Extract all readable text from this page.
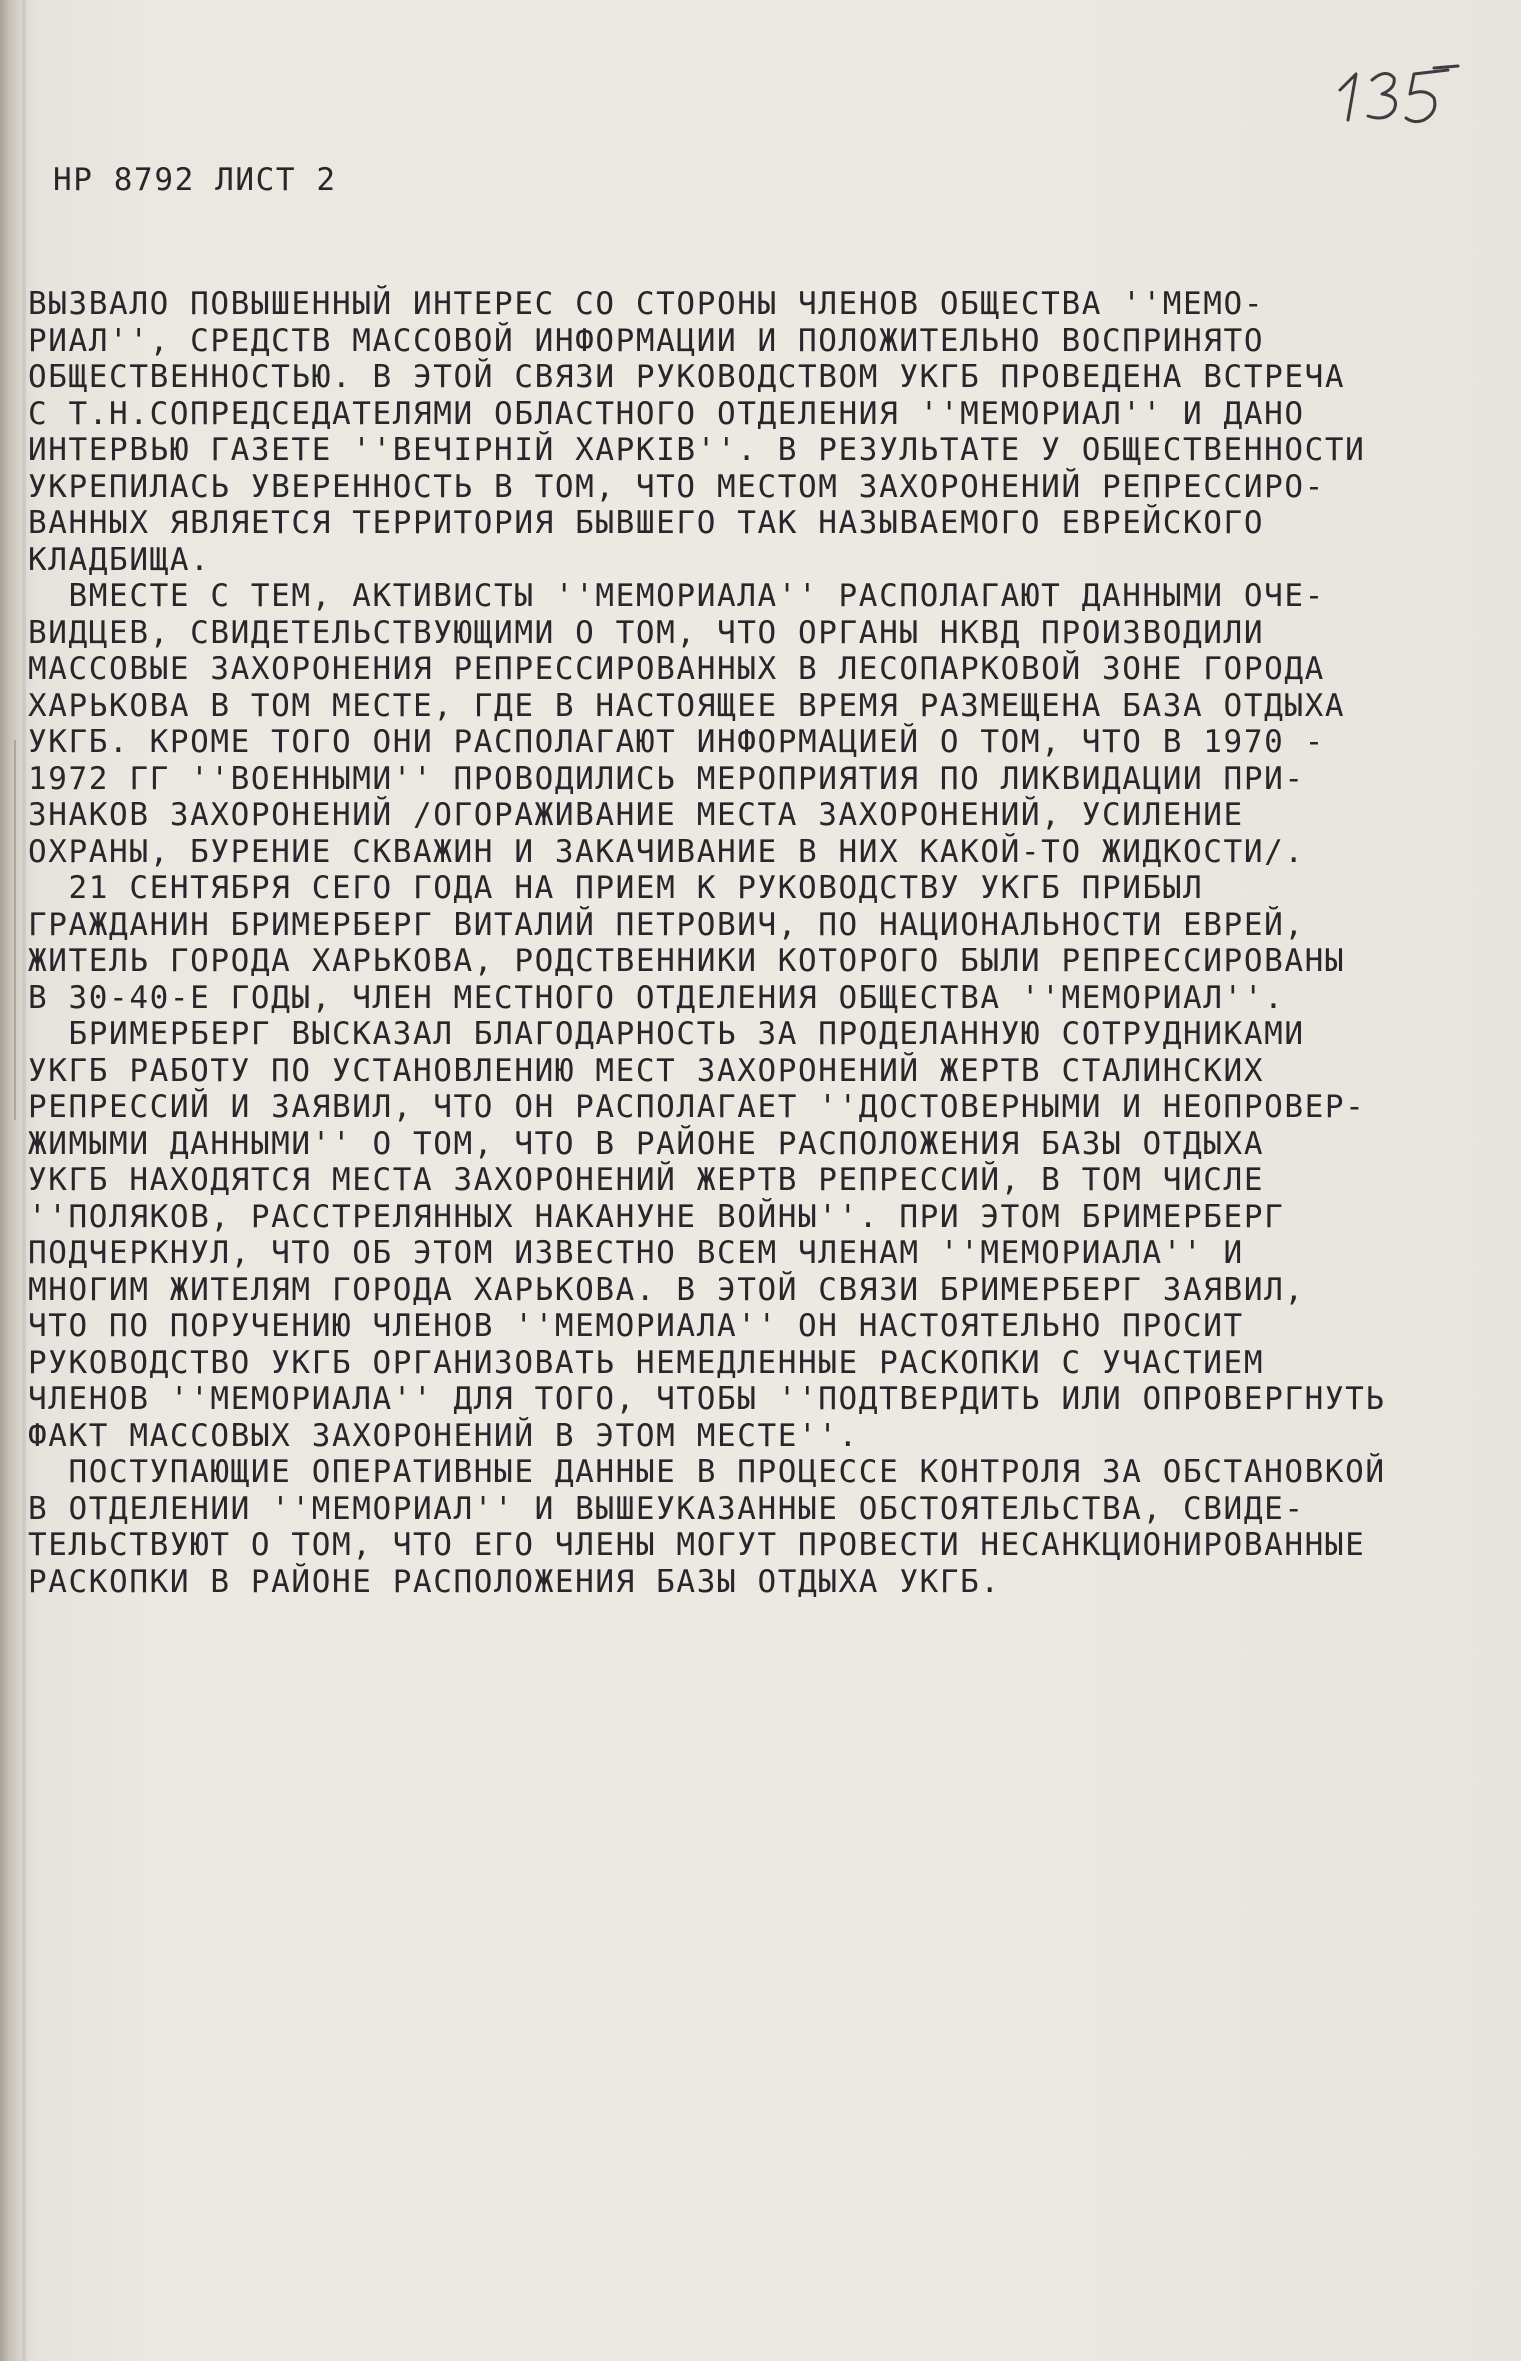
НР 8792 ЛИСТ 2

ВЫЗВАЛО ПОВЫШЕННЫЙ ИНТЕРЕС СО СТОРОНЫ ЧЛЕНОВ ОБЩЕСТВА ''МЕМО-
РИАЛ'', СРЕДСТВ МАССОВОЙ ИНФОРМАЦИИ И ПОЛОЖИТЕЛЬНО ВОСПРИНЯТО
ОБЩЕСТВЕННОСТЬЮ. В ЭТОЙ СВЯЗИ РУКОВОДСТВОМ УКГБ ПРОВЕДЕНА ВСТРЕЧА
С Т.Н.СОПРЕДСЕДАТЕЛЯМИ ОБЛАСТНОГО ОТДЕЛЕНИЯ ''МЕМОРИАЛ'' И ДАНО
ИНТЕРВЬЮ ГАЗЕТЕ ''ВЕЧІРНІЙ ХАРКІВ''. В РЕЗУЛЬТАТЕ У ОБЩЕСТВЕННОСТИ
УКРЕПИЛАСЬ УВЕРЕННОСТЬ В ТОМ, ЧТО МЕСТОМ ЗАХОРОНЕНИЙ РЕПРЕССИРО-
ВАННЫХ ЯВЛЯЕТСЯ ТЕРРИТОРИЯ БЫВШЕГО ТАК НАЗЫВАЕМОГО ЕВРЕЙСКОГО
КЛАДБИЩА.
ВМЕСТЕ С ТЕМ, АКТИВИСТЫ ''МЕМОРИАЛА'' РАСПОЛАГАЮТ ДАННЫМИ ОЧЕ-
ВИДЦЕВ, СВИДЕТЕЛЬСТВУЮЩИМИ О ТОМ, ЧТО ОРГАНЫ НКВД ПРОИЗВОДИЛИ
МАССОВЫЕ ЗАХОРОНЕНИЯ РЕПРЕССИРОВАННЫХ В ЛЕСОПАРКОВОЙ ЗОНЕ ГОРОДА
ХАРЬКОВА В ТОМ МЕСТЕ, ГДЕ В НАСТОЯЩЕЕ ВРЕМЯ РАЗМЕЩЕНА БАЗА ОТДЫХА
УКГБ. КРОМЕ ТОГО ОНИ РАСПОЛАГАЮТ ИНФОРМАЦИЕЙ О ТОМ, ЧТО В 1970 -
1972 ГГ ''ВОЕННЫМИ'' ПРОВОДИЛИСЬ МЕРОПРИЯТИЯ ПО ЛИКВИДАЦИИ ПРИ-
ЗНАКОВ ЗАХОРОНЕНИЙ /ОГОРАЖИВАНИЕ МЕСТА ЗАХОРОНЕНИЙ, УСИЛЕНИЕ
ОХРАНЫ, БУРЕНИЕ СКВАЖИН И ЗАКАЧИВАНИЕ В НИХ КАКОЙ-ТО ЖИДКОСТИ/.
21 СЕНТЯБРЯ СЕГО ГОДА НА ПРИЕМ К РУКОВОДСТВУ УКГБ ПРИБЫЛ
ГРАЖДАНИН БРИМЕРБЕРГ ВИТАЛИЙ ПЕТРОВИЧ, ПО НАЦИОНАЛЬНОСТИ ЕВРЕЙ,
ЖИТЕЛЬ ГОРОДА ХАРЬКОВА, РОДСТВЕННИКИ КОТОРОГО БЫЛИ РЕПРЕССИРОВАНЫ
В 30-40-Е ГОДЫ, ЧЛЕН МЕСТНОГО ОТДЕЛЕНИЯ ОБЩЕСТВА ''МЕМОРИАЛ''.
БРИМЕРБЕРГ ВЫСКАЗАЛ БЛАГОДАРНОСТЬ ЗА ПРОДЕЛАННУЮ СОТРУДНИКАМИ
УКГБ РАБОТУ ПО УСТАНОВЛЕНИЮ МЕСТ ЗАХОРОНЕНИЙ ЖЕРТВ СТАЛИНСКИХ
РЕПРЕССИЙ И ЗАЯВИЛ, ЧТО ОН РАСПОЛАГАЕТ ''ДОСТОВЕРНЫМИ И НЕОПРОВЕР-
ЖИМЫМИ ДАННЫМИ'' О ТОМ, ЧТО В РАЙОНЕ РАСПОЛОЖЕНИЯ БАЗЫ ОТДЫХА
УКГБ НАХОДЯТСЯ МЕСТА ЗАХОРОНЕНИЙ ЖЕРТВ РЕПРЕССИЙ, В ТОМ ЧИСЛЕ
''ПОЛЯКОВ, РАССТРЕЛЯННЫХ НАКАНУНЕ ВОЙНЫ''. ПРИ ЭТОМ БРИМЕРБЕРГ
ПОДЧЕРКНУЛ, ЧТО ОБ ЭТОМ ИЗВЕСТНО ВСЕМ ЧЛЕНАМ ''МЕМОРИАЛА'' И
МНОГИМ ЖИТЕЛЯМ ГОРОДА ХАРЬКОВА. В ЭТОЙ СВЯЗИ БРИМЕРБЕРГ ЗАЯВИЛ,
ЧТО ПО ПОРУЧЕНИЮ ЧЛЕНОВ ''МЕМОРИАЛА'' ОН НАСТОЯТЕЛЬНО ПРОСИТ
РУКОВОДСТВО УКГБ ОРГАНИЗОВАТЬ НЕМЕДЛЕННЫЕ РАСКОПКИ С УЧАСТИЕМ
ЧЛЕНОВ ''МЕМОРИАЛА'' ДЛЯ ТОГО, ЧТОБЫ ''ПОДТВЕРДИТЬ ИЛИ ОПРОВЕРГНУТЬ
ФАКТ МАССОВЫХ ЗАХОРОНЕНИЙ В ЭТОМ МЕСТЕ''.
ПОСТУПАЮЩИЕ ОПЕРАТИВНЫЕ ДАННЫЕ В ПРОЦЕССЕ КОНТРОЛЯ ЗА ОБСТАНОВКОЙ
В ОТДЕЛЕНИИ ''МЕМОРИАЛ'' И ВЫШЕУКАЗАННЫЕ ОБСТОЯТЕЛЬСТВА, СВИДЕ-
ТЕЛЬСТВУЮТ О ТОМ, ЧТО ЕГО ЧЛЕНЫ МОГУТ ПРОВЕСТИ НЕСАНКЦИОНИРОВАННЫЕ
РАСКОПКИ В РАЙОНЕ РАСПОЛОЖЕНИЯ БАЗЫ ОТДЫХА УКГБ.
